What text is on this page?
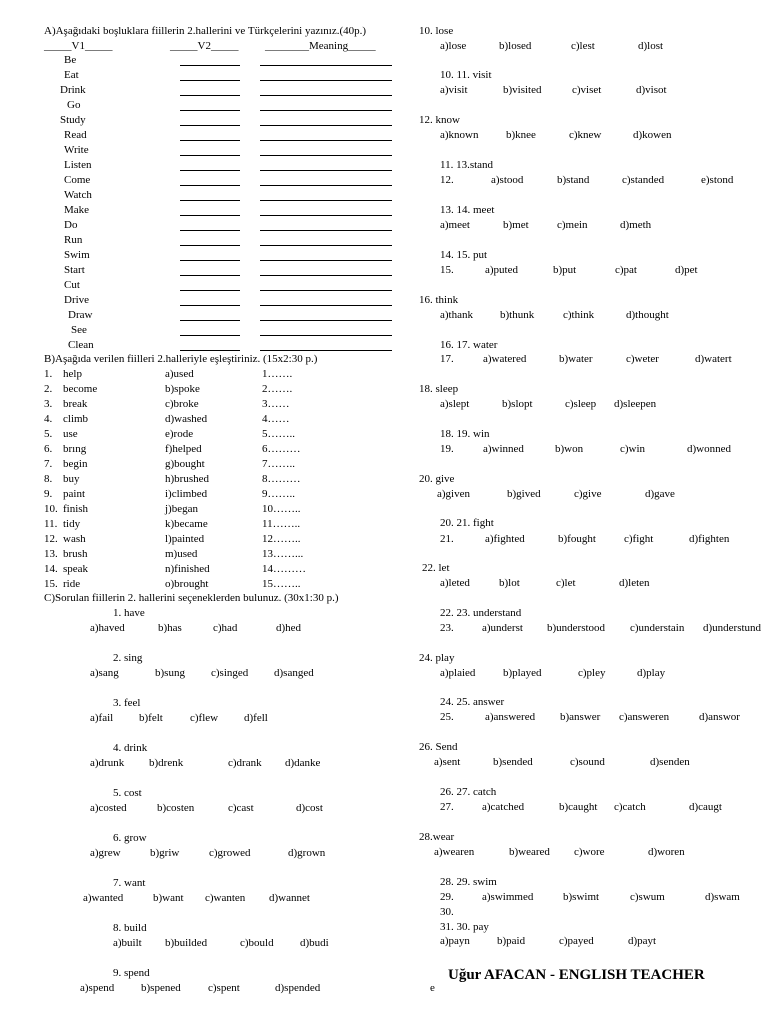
A)Aşağıdaki boşluklara fiillerin 2.hallerini ve Türkçelerini yazınız.(40p.)
_____V1_____	_____V2_____ ________Meaning_____
Be
Eat
Drink
Go
Study
Read
Write
Listen
Come
Watch
Make
Do
Run
Swim
Start
Cut
Drive
Draw
See
Clean
B)Aşağıda verilen fiilleri 2.halleriyle eşleştiriniz. (15x2:30 p.)
1. help	a)used	1…….
2. become	b)spoke	2…….
3. break	c)broke	3……
4. climb	d)washed	4……
5. use	e)rode	5……..
6. brıng	f)helped	6………
7. begin	g)bought	7……..
8. buy	h)brushed	8………
9. paint	i)climbed	9……..
10. finish	j)began	10……..
11. tidy	k)became	11……..
12. wash	l)painted	12……..
13. brush	m)used	13……...
14. speak	n)finished	14………
15. ride	o)brought	15……..
C)Sorulan fiillerin 2. hallerini seçeneklerden bulunuz. (30x1:30 p.)
1. have
a)haved	b)has	c)had	d)hed
2. sing
a)sang	b)sung c)singed d)sanged
3. feel
a)fail b)felt c)flew d)fell
4. drink
a)drunk b)drenk	c)drank d)danke
5. cost
a)costed	b)costen	c)cast	d)cost
6. grow
a)grew	b)griw	c)growed	d)grown
7. want
a)wanted	b)want c)wanten d)wannet
8. build
a)built b)builded	c)bould d)budi
9. spend
a)spend b)spened c)spent	d)spended
10. lose
a)lose	b)losed	c)lest	d)lost
10. 11. visit
a)visit	b)visited	c)viset	d)visot
12. know
a)known	b)knee	c)knew	d)kowen
11. 13.stand
12.	a)stood	b)stand	c)standed	e)stond
13. 14. meet
a)meet	b)met	c)mein	d)meth
14. 15. put
15.	a)puted	b)put	c)pat	d)pet
16. think
a)thank b)thunk	c)think	d)thought
16. 17. water
17.	a)watered	b)water	c)weter	d)watert
18. sleep
a)slept	b)slopt	c)sleep d)sleepen
18. 19. win
19.	a)winned	b)won	c)win	d)wonned
20. give
a)given	b)gived	c)give	d)gave
20. 21. fight
21.	a)fighted	b)fought	c)fight	d)fighten
22. let
a)leted	b)lot	c)let	d)leten
22. 23. understand
23.	a)underst b)understood c)understain d)understund
24. play
a)plaied	b)played	c)pley	d)play
24. 25. answer
25.	a)answered b)answer c)answeren	d)answor
26. Send
a)sent	b)sended	c)sound	d)senden
26. 27. catch
27.	a)catched	b)caught c)catch	d)caugt
28.wear
a)wearen	b)weared c)wore	d)woren
28. 29. swim
29.	a)swimmed	b)swimt	c)swum	d)swam
30.
31. 30. pay
a)payn b)paid	c)payed	d)payt
Uğur AFACAN - ENGLISH TEACHER
e
